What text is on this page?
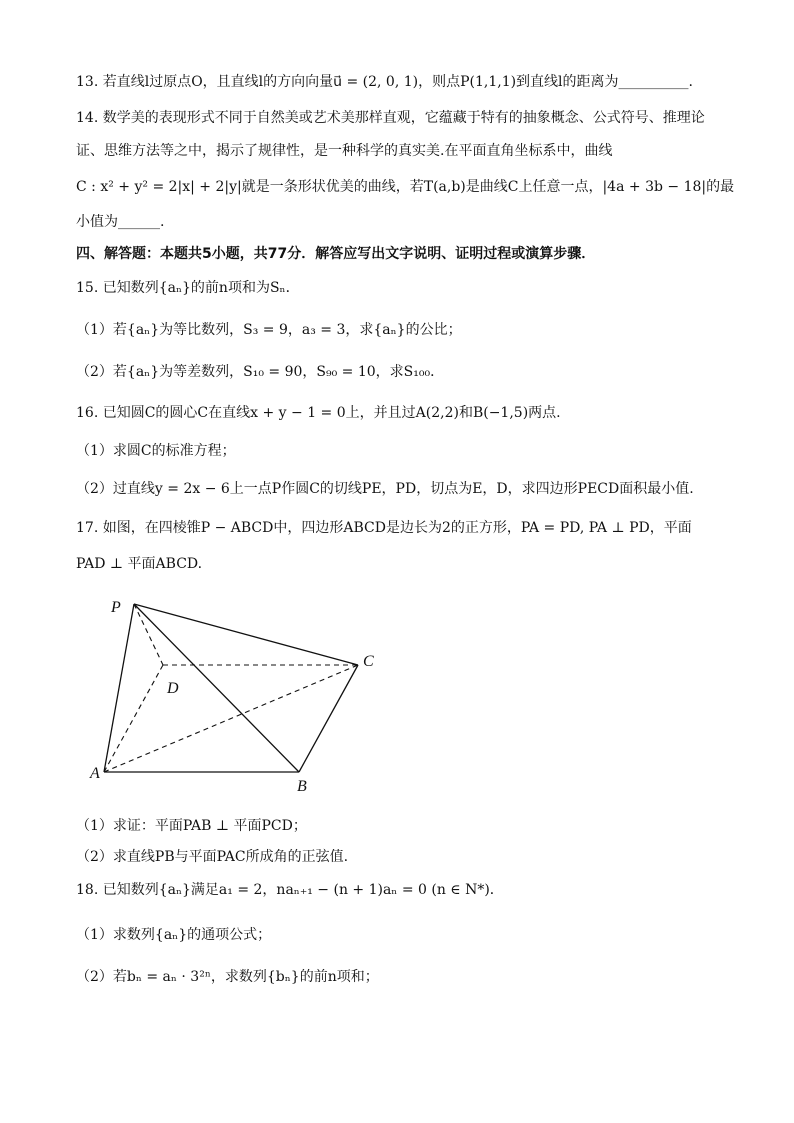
13. 若直线l过原点O，且直线l的方向向量u⃗ = (2, 0, 1)，则点P(1,1,1)到直线l的距离为__________.
14. 数学美的表现形式不同于自然美或艺术美那样直观，它蕴藏于特有的抽象概念、公式符号、推理论
证、思维方法等之中，揭示了规律性，是一种科学的真实美.在平面直角坐标系中，曲线
C : x² + y² = 2|x| + 2|y|就是一条形状优美的曲线，若T(a,b)是曲线C上任意一点，|4a + 3b − 18|的最
小值为______.
四、解答题：本题共5小题，共77分．解答应写出文字说明、证明过程或演算步骤．
15. 已知数列{aₙ}的前n项和为Sₙ．
（1）若{aₙ}为等比数列，S₃ = 9，a₃ = 3，求{aₙ}的公比；
（2）若{aₙ}为等差数列，S₁₀ = 90，S₉₀ = 10，求S₁₀₀．
16. 已知圆C的圆心C在直线x + y − 1 = 0上，并且过A(2,2)和B(−1,5)两点.
（1）求圆C的标准方程；
（2）过直线y = 2x − 6上一点P作圆C的切线PE，PD，切点为E，D，求四边形PECD面积最小值.
17. 如图，在四棱锥P − ABCD中，四边形ABCD是边长为2的正方形，PA = PD, PA ⊥ PD，平面
PAD ⊥ 平面ABCD.
P
D
C
A
B
（1）求证：平面PAB ⊥ 平面PCD；
（2）求直线PB与平面PAC所成角的正弦值.
18. 已知数列{aₙ}满足a₁ = 2，naₙ₊₁ − (n + 1)aₙ = 0 (n ∈ N*)．
（1）求数列{aₙ}的通项公式；
（2）若bₙ = aₙ · 3²ⁿ，求数列{bₙ}的前n项和；
